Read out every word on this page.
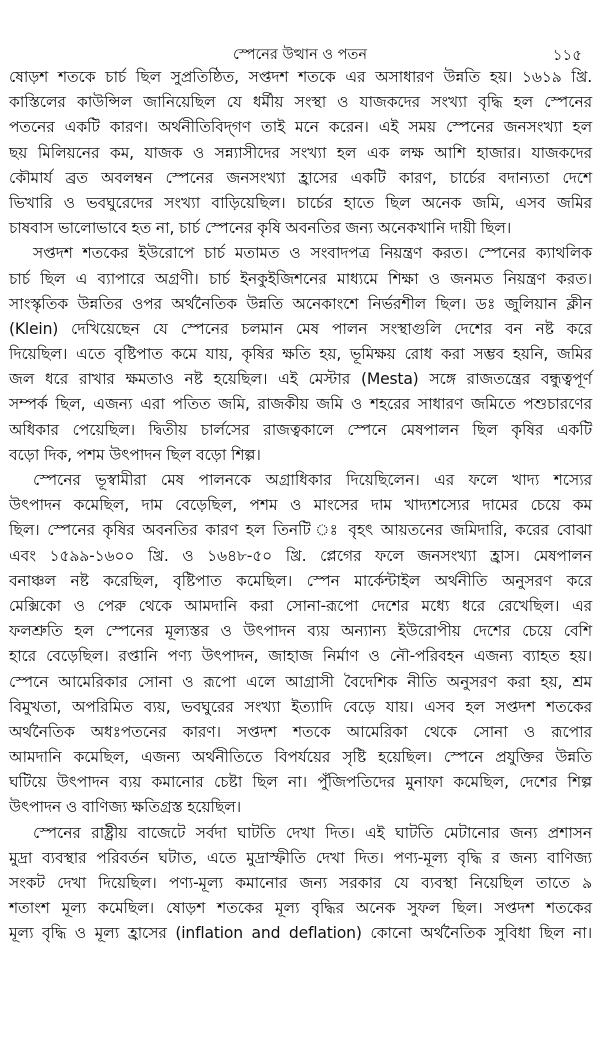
স্পেনের উত্থান ও পতন	১১৫
ষোড়শ শতকে চার্চ ছিল সুপ্রতিষ্ঠিত, সপ্তদশ শতকে এর অসাধারণ উন্নতি হয়। ১৬১৯ খ্রি.
কাস্তিলের কাউন্সিল জানিয়েছিল যে ধর্মীয় সংস্থা ও যাজকদের সংখ্যা বৃদ্ধি হল স্পেনের
পতনের একটি কারণ। অর্থনীতিবিদ্‌গণ তাই মনে করেন। এই সময় স্পেনের জনসংখ্যা হল
ছয় মিলিয়নের কম, যাজক ও সন্ন্যাসীদের সংখ্যা হল এক লক্ষ আশি হাজার। যাজকদের
কৌমার্য ব্রত অবলম্বন স্পেনের জনসংখ্যা হ্রাসের একটি কারণ, চার্চের বদান্যতা দেশে
ভিখারি ও ভবঘুরেদের সংখ্যা বাড়িয়েছিল। চার্চের হাতে ছিল অনেক জমি, এসব জমির
চাষবাস ভালোভাবে হত না, চার্চ স্পেনের কৃষি অবনতির জন্য অনেকখানি দায়ী ছিল।
সপ্তদশ শতকের ইউরোপে চার্চ মতামত ও সংবাদপত্র নিয়ন্ত্রণ করত। স্পেনের ক্যাথলিক
চার্চ ছিল এ ব্যাপারে অগ্রণী। চার্চ ইনকুইজিশনের মাধ্যমে শিক্ষা ও জনমত নিয়ন্ত্রণ করত।
সাংস্কৃতিক উন্নতির ওপর অর্থনৈতিক উন্নতি অনেকাংশে নির্ভরশীল ছিল। ডঃ জুলিয়ান ক্লীন
(Klein) দেখিয়েছেন যে স্পেনের চলমান মেষ পালন সংস্থাগুলি দেশের বন নষ্ট করে
দিয়েছিল। এতে বৃষ্টিপাত কমে যায়, কৃষির ক্ষতি হয়, ভূমিক্ষয় রোধ করা সম্ভব হয়নি, জমির
জল ধরে রাখার ক্ষমতাও নষ্ট হয়েছিল। এই মেস্টার (Mesta) সঙ্গে রাজতন্ত্রের বন্ধুত্বপূর্ণ
সম্পর্ক ছিল, এজন্য এরা পতিত জমি, রাজকীয় জমি ও শহরের সাধারণ জমিতে পশুচারণের
অধিকার পেয়েছিল। দ্বিতীয় চার্লসের রাজত্বকালে স্পেনে মেষপালন ছিল কৃষির একটি
বড়ো দিক, পশম উৎপাদন ছিল বড়ো শিল্প।
স্পেনের ভূস্বামীরা মেষ পালনকে অগ্রাধিকার দিয়েছিলেন। এর ফলে খাদ্য শস্যের
উৎপাদন কমেছিল, দাম বেড়েছিল, পশম ও মাংসের দাম খাদ্যশস্যের দামের চেয়ে কম
ছিল। স্পেনের কৃষির অবনতির কারণ হল তিনটি ঃ বৃহৎ আয়তনের জমিদারি, করের বোঝা
এবং ১৫৯৯-১৬০০ খ্রি. ও ১৬৪৮-৫০ খ্রি. প্লেগের ফলে জনসংখ্যা হ্রাস। মেষপালন
বনাঞ্চল নষ্ট করেছিল, বৃষ্টিপাত কমেছিল। স্পেন মার্কেন্টাইল অর্থনীতি অনুসরণ করে
মেক্সিকো ও পেরু থেকে আমদানি করা সোনা-রূপো দেশের মধ্যে ধরে রেখেছিল। এর
ফলশ্রুতি হল স্পেনের মূল্যস্তর ও উৎপাদন ব্যয় অন্যান্য ইউরোপীয় দেশের চেয়ে বেশি
হারে বেড়েছিল। রপ্তানি পণ্য উৎপাদন, জাহাজ নির্মাণ ও নৌ-পরিবহন এজন্য ব্যাহত হয়।
স্পেনে আমেরিকার সোনা ও রূপো এলে আগ্রাসী বৈদেশিক নীতি অনুসরণ করা হয়, শ্রম
বিমুখতা, অপরিমিত ব্যয়, ভবঘুরের সংখ্যা ইত্যাদি বেড়ে যায়। এসব হল সপ্তদশ শতকের
অর্থনৈতিক অধঃপতনের কারণ। সপ্তদশ শতকে আমেরিকা থেকে সোনা ও রূপোর
আমদানি কমেছিল, এজন্য অর্থনীতিতে বিপর্যয়ের সৃষ্টি হয়েছিল। স্পেনে প্রযুক্তির উন্নতি
ঘটিয়ে উৎপাদন ব্যয় কমানোর চেষ্টা ছিল না। পুঁজিপতিদের মুনাফা কমেছিল, দেশের শিল্প
উৎপাদন ও বাণিজ্য ক্ষতিগ্রস্ত হয়েছিল।
স্পেনের রাষ্ট্রীয় বাজেটে সর্বদা ঘাটতি দেখা দিত। এই ঘাটতি মেটানোর জন্য প্রশাসন
মুদ্রা ব্যবস্থার পরিবর্তন ঘটাত, এতে মুদ্রাস্ফীতি দেখা দিত। পণ্য-মূল্য বৃদ্ধি র জন্য বাণিজ্য
সংকট দেখা দিয়েছিল। পণ্য-মূল্য কমানোর জন্য সরকার যে ব্যবস্থা নিয়েছিল তাতে ৯
শতাংশ মূল্য কমেছিল। ষোড়শ শতকের মূল্য বৃদ্ধির অনেক সুফল ছিল। সপ্তদশ শতকের
মূল্য বৃদ্ধি ও মূল্য হ্রাসের (inflation and deflation) কোনো অর্থনৈতিক সুবিধা ছিল না।
